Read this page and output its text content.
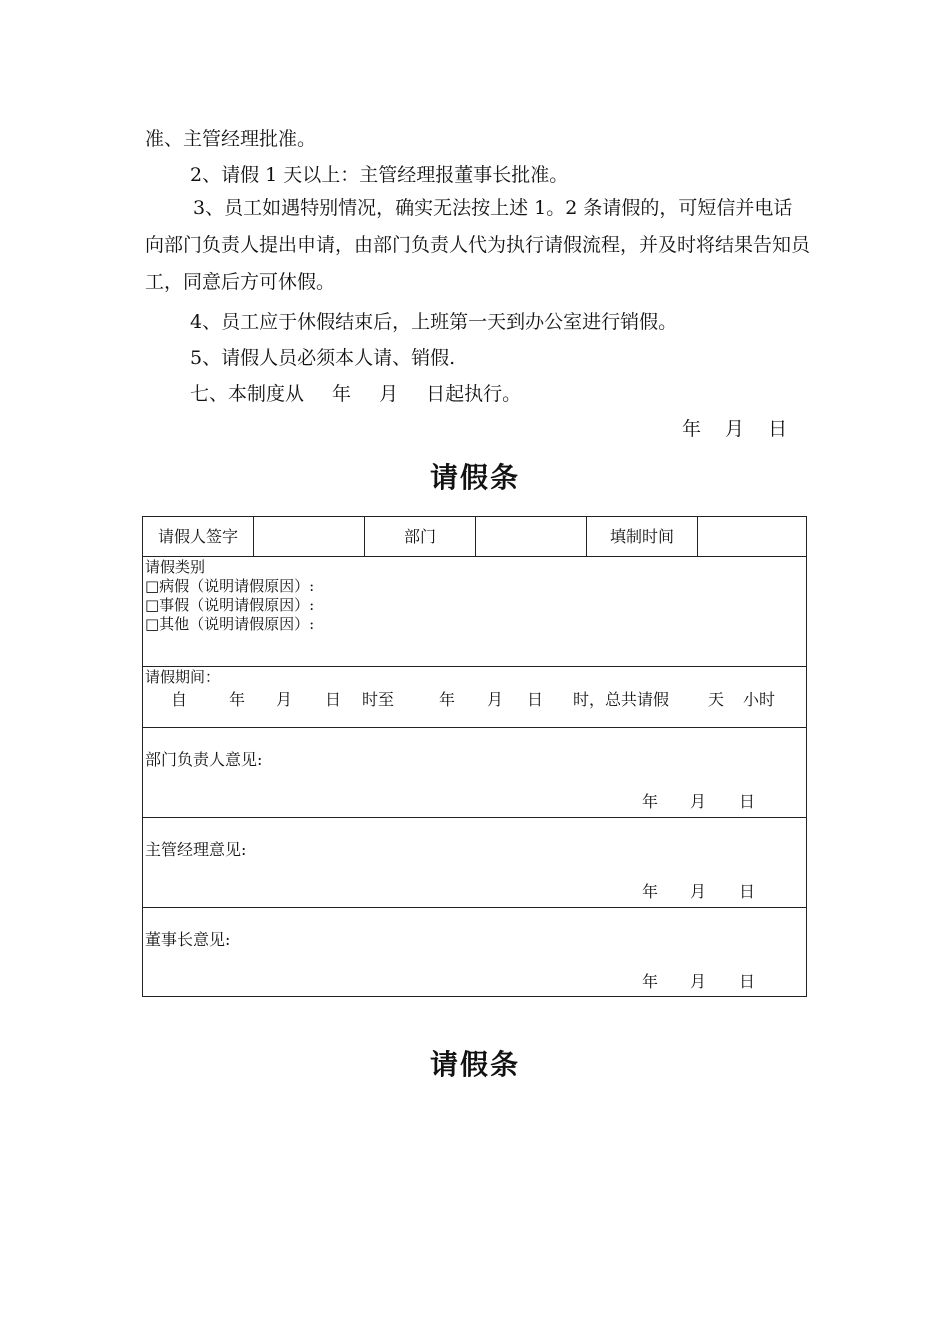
准、主管经理批准。
2、请假 1 天以上：主管经理报董事长批准。
3、员工如遇特别情况，确实无法按上述 1。2 条请假的，可短信并电话向部门负责人提出申请，由部门负责人代为执行请假流程，并及时将结果告知员工，同意后方可休假。
4、员工应于休假结束后，上班第一天到办公室进行销假。
5、请假人员必须本人请、销假.
七、本制度从 年 月 日起执行。
年 月 日
请假条
请假人签字	部门	填制时间
请假类别
□病假（说明请假原因）:
□事假（说明请假原因）:
□其他（说明请假原因）:
请假期间：
自	年 月 日 时至	年 月 日 时，总共请假 天 小时
部门负责人意见:
年 月 日
主管经理意见:
年 月 日
董事长意见:
年 月 日
请假条
